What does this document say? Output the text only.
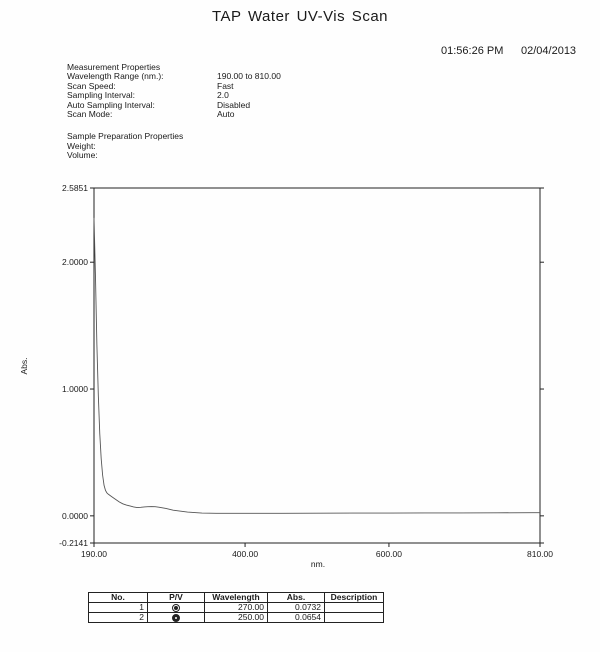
TAP Water UV-Vis Scan
01:56:26 PM 02/04/2013
Measurement Properties
Wavelength Range (nm.):	190.00 to 810.00
Scan Speed:	Fast
Sampling Interval:	2.0
Auto Sampling Interval:	Disabled
Scan Mode:	Auto
Sample Preparation Properties
Weight:
Volume:
2.5851
2.0000
1.0000
0.0000
-0.2141
190.00	400.00	600.00	810.00
nm.
Abs.
No.	P/V	Wavelength	Abs.	Description
1		270.00	0.0732	
2		250.00	0.0654	
